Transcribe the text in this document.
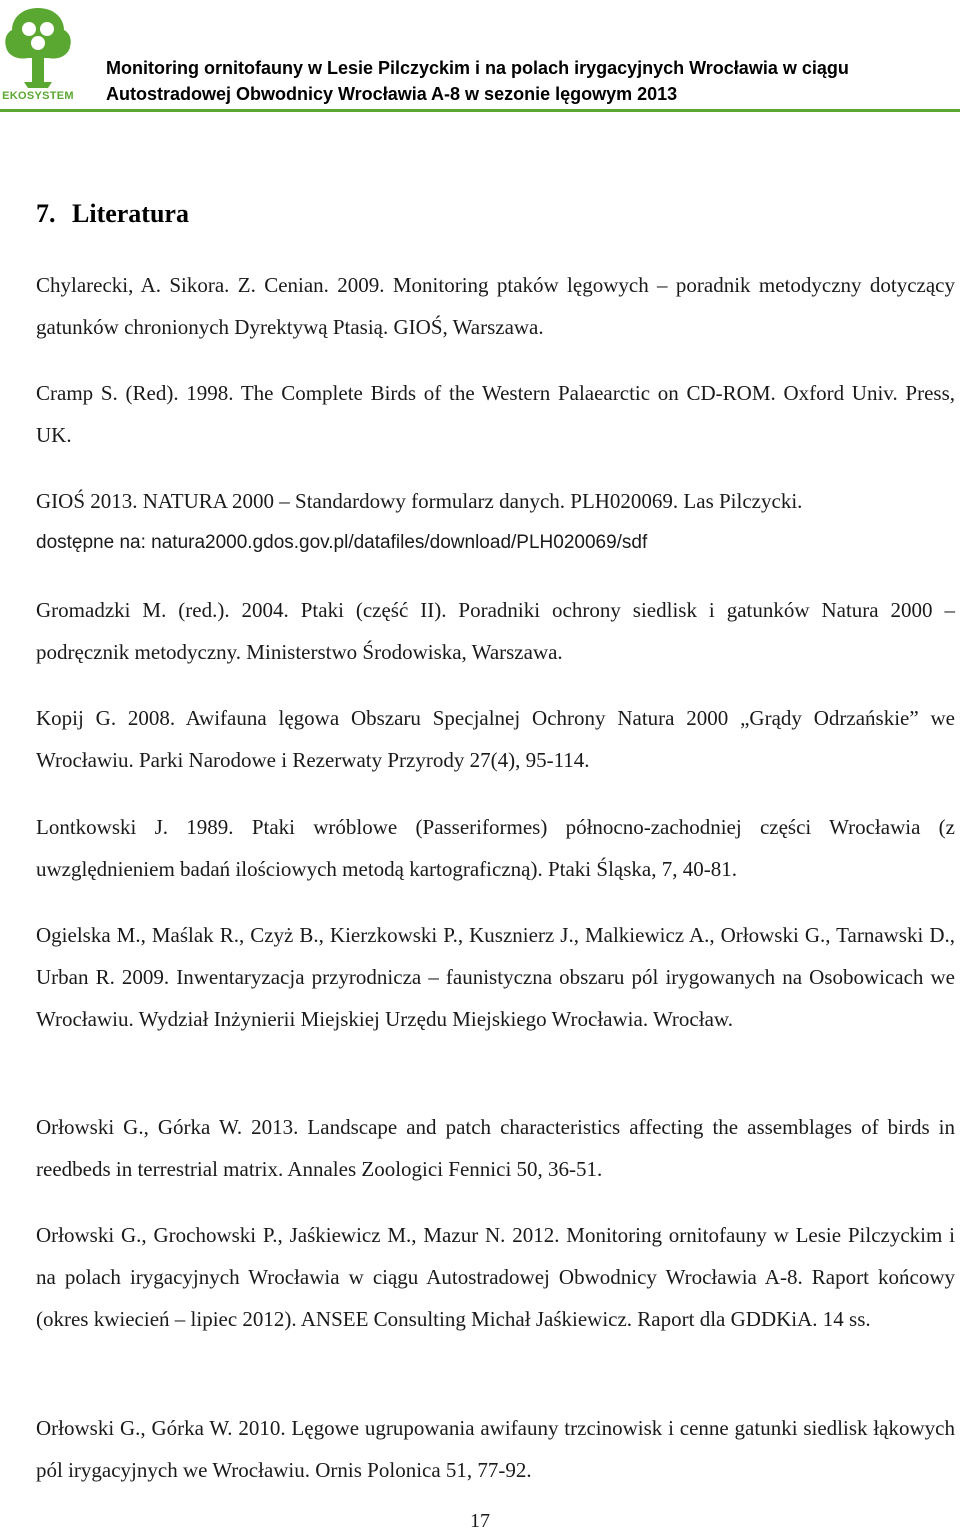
EKOSYSTEM
Monitoring ornitofauny w Lesie Pilczyckim i na polach irygacyjnych Wrocławia w ciągu
Autostradowej Obwodnicy Wrocławia A-8 w sezonie lęgowym 2013
7. Literatura

Chylarecki, A. Sikora. Z. Cenian. 2009. Monitoring ptaków lęgowych – poradnik metodyczny dotyczący gatunków chronionych Dyrektywą Ptasią. GIOŚ, Warszawa.

Cramp S. (Red). 1998. The Complete Birds of the Western Palaearctic on CD-ROM. Oxford Univ. Press, UK.

GIOŚ 2013. NATURA 2000 – Standardowy formularz danych. PLH020069. Las Pilczycki.

dostępne na: natura2000.gdos.gov.pl/datafiles/download/PLH020069/sdf

Gromadzki M. (red.). 2004. Ptaki (część II). Poradniki ochrony siedlisk i gatunków Natura 2000 – podręcznik metodyczny. Ministerstwo Środowiska, Warszawa.

Kopij G. 2008. Awifauna lęgowa Obszaru Specjalnej Ochrony Natura 2000 „Grądy Odrzańskie” we Wrocławiu. Parki Narodowe i Rezerwaty Przyrody 27(4), 95-114.

Lontkowski J. 1989. Ptaki wróblowe (Passeriformes) północno-zachodniej części Wrocławia (z uwzględnieniem badań ilościowych metodą kartograficzną). Ptaki Śląska, 7, 40-81.

Ogielska M., Maślak R., Czyż B., Kierzkowski P., Kusznierz J., Malkiewicz A., Orłowski G., Tarnawski D., Urban R. 2009. Inwentaryzacja przyrodnicza – faunistyczna obszaru pól irygowanych na Osobowicach we Wrocławiu. Wydział Inżynierii Miejskiej Urzędu Miejskiego Wrocławia. Wrocław.

Orłowski G., Górka W. 2013. Landscape and patch characteristics affecting the assemblages of birds in reedbeds in terrestrial matrix. Annales Zoologici Fennici 50, 36-51.

Orłowski G., Grochowski P., Jaśkiewicz M., Mazur N. 2012. Monitoring ornitofauny w Lesie Pilczyckim i na polach irygacyjnych Wrocławia w ciągu Autostradowej Obwodnicy Wrocławia A-8. Raport końcowy (okres kwiecień – lipiec 2012). ANSEE Consulting Michał Jaśkiewicz. Raport dla GDDKiA. 14 ss.

Orłowski G., Górka W. 2010. Lęgowe ugrupowania awifauny trzcinowisk i cenne gatunki siedlisk łąkowych pól irygacyjnych we Wrocławiu. Ornis Polonica 51, 77-92.

17
